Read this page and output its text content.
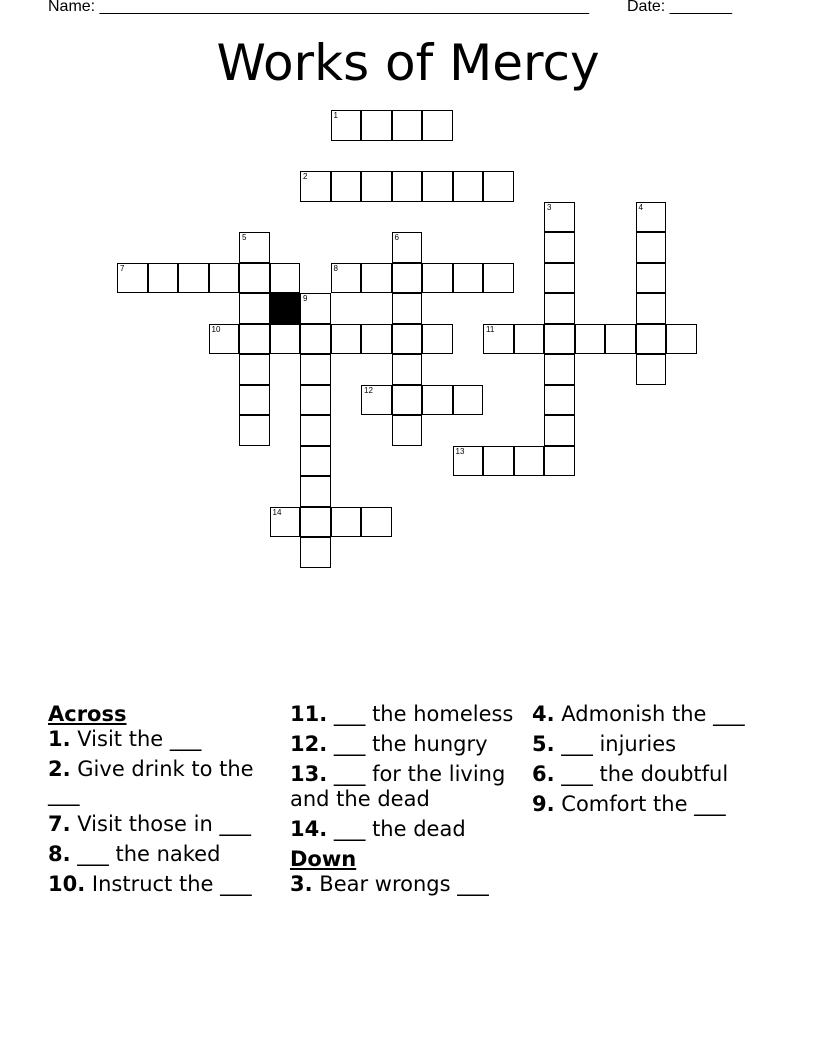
Name: _______________________________________________________ Date: _______
Works of Mercy
1
2
7	8
10	11
12
13
14
3	4
5	6
9
Across
1. Visit the ___
2. Give drink to the ___
7. Visit those in ___
8. ___ the naked
10. Instruct the ___
11. ___ the homeless
12. ___ the hungry
13. ___ for the living and the dead
14. ___ the dead
Down
3. Bear wrongs ___
4. Admonish the ___
5. ___ injuries
6. ___ the doubtful
9. Comfort the ___
